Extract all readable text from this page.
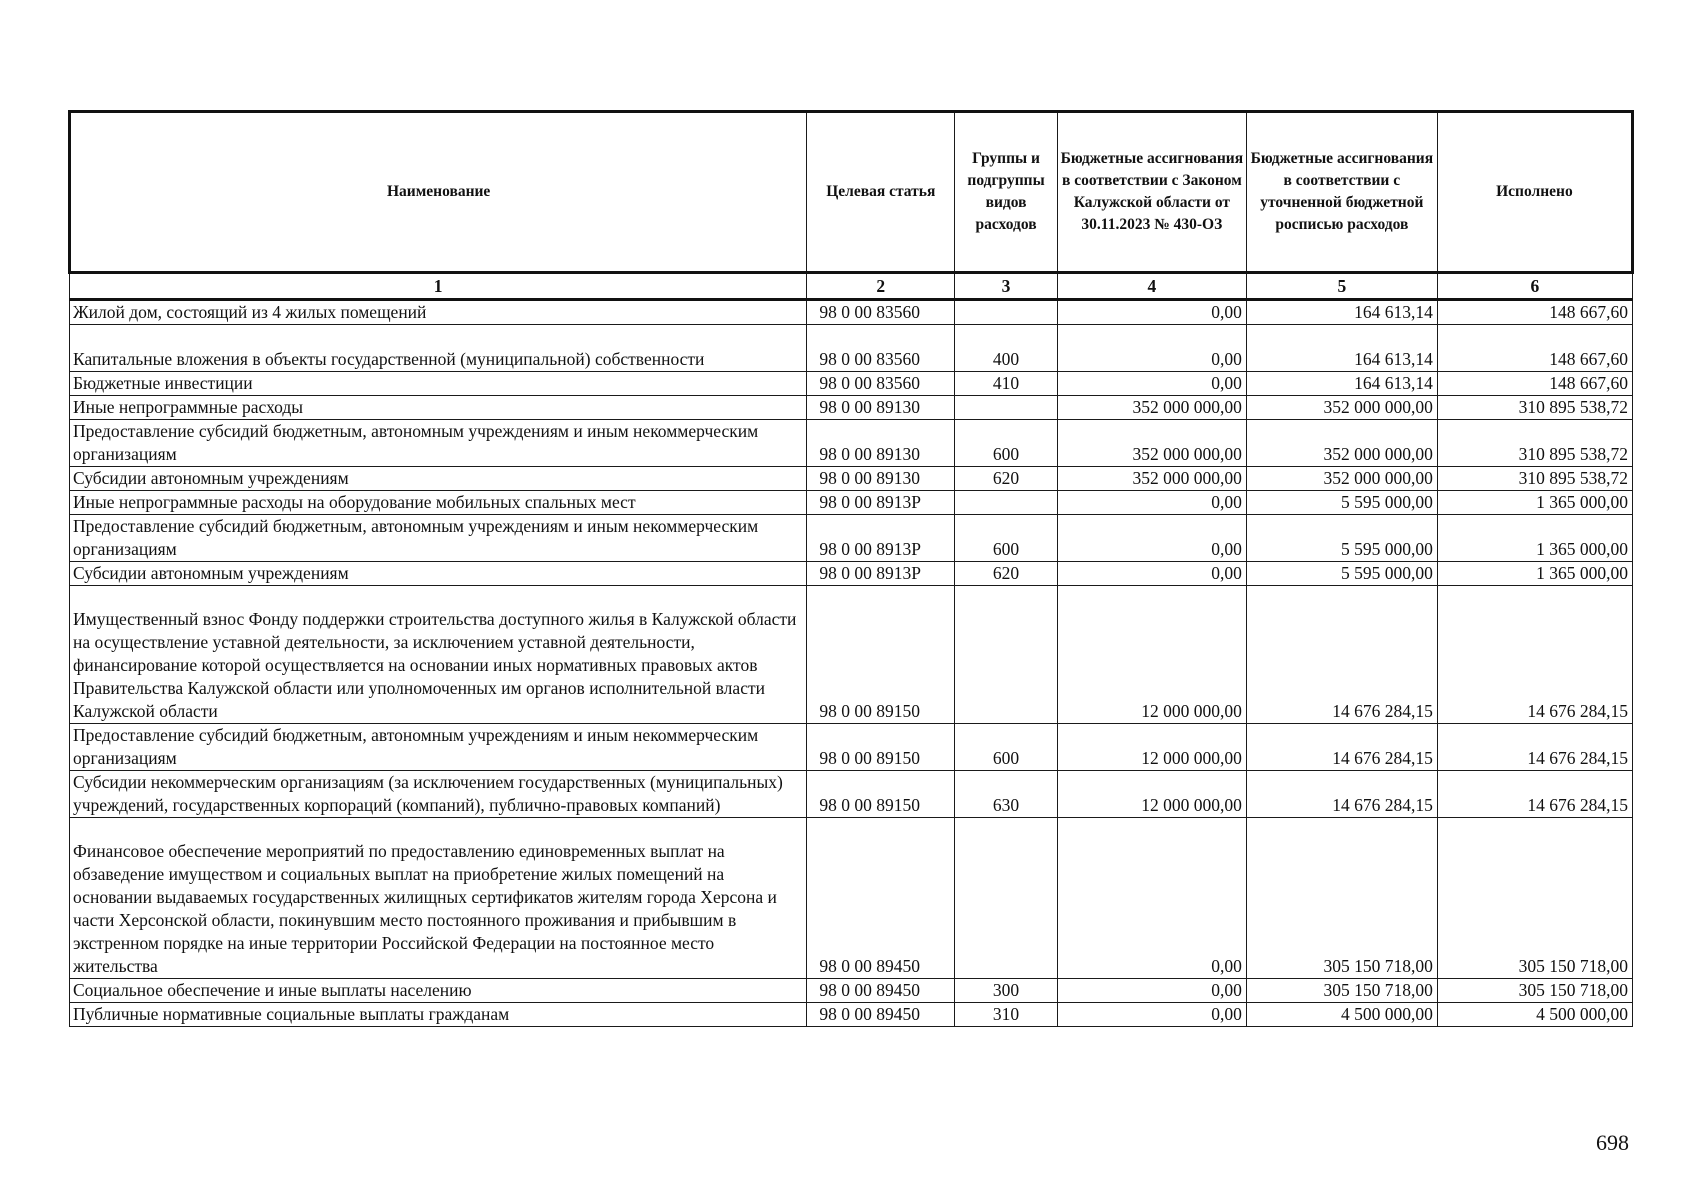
Наименование	Целевая статья	Группы и подгруппы видов расходов	Бюджетные ассигнования в соответствии с Законом Калужской области от 30.11.2023 № 430-ОЗ	Бюджетные ассигнования в соответствии с уточненной бюджетной росписью расходов	Исполнено
1	2	3	4	5	6
Жилой дом, состоящий из 4 жилых помещений	98 0 00 83560		0,00	164 613,14	148 667,60
Капитальные вложения в объекты государственной (муниципальной) собственности	98 0 00 83560	400	0,00	164 613,14	148 667,60
Бюджетные инвестиции	98 0 00 83560	410	0,00	164 613,14	148 667,60
Иные непрограммные расходы	98 0 00 89130		352 000 000,00	352 000 000,00	310 895 538,72
Предоставление субсидий бюджетным, автономным учреждениям и иным некоммерческим организациям	98 0 00 89130	600	352 000 000,00	352 000 000,00	310 895 538,72
Субсидии автономным учреждениям	98 0 00 89130	620	352 000 000,00	352 000 000,00	310 895 538,72
Иные непрограммные расходы на оборудование мобильных спальных мест	98 0 00 8913Р		0,00	5 595 000,00	1 365 000,00
Предоставление субсидий бюджетным, автономным учреждениям и иным некоммерческим организациям	98 0 00 8913Р	600	0,00	5 595 000,00	1 365 000,00
Субсидии автономным учреждениям	98 0 00 8913Р	620	0,00	5 595 000,00	1 365 000,00
Имущественный взнос Фонду поддержки строительства доступного жилья в Калужской области на осуществление уставной деятельности, за исключением уставной деятельности, финансирование которой осуществляется на основании иных нормативных правовых актов Правительства Калужской области или уполномоченных им органов исполнительной власти Калужской области	98 0 00 89150		12 000 000,00	14 676 284,15	14 676 284,15
Предоставление субсидий бюджетным, автономным учреждениям и иным некоммерческим организациям	98 0 00 89150	600	12 000 000,00	14 676 284,15	14 676 284,15
Субсидии некоммерческим организациям (за исключением государственных (муниципальных) учреждений, государственных корпораций (компаний), публично-правовых компаний)	98 0 00 89150	630	12 000 000,00	14 676 284,15	14 676 284,15
Финансовое обеспечение мероприятий по предоставлению единовременных выплат на обзаведение имуществом и социальных выплат на приобретение жилых помещений на основании выдаваемых государственных жилищных сертификатов жителям города Херсона и части Херсонской области, покинувшим место постоянного проживания и прибывшим в экстренном порядке на иные территории Российской Федерации на постоянное место жительства	98 0 00 89450		0,00	305 150 718,00	305 150 718,00
Социальное обеспечение и иные выплаты населению	98 0 00 89450	300	0,00	305 150 718,00	305 150 718,00
Публичные нормативные социальные выплаты гражданам	98 0 00 89450	310	0,00	4 500 000,00	4 500 000,00
698
